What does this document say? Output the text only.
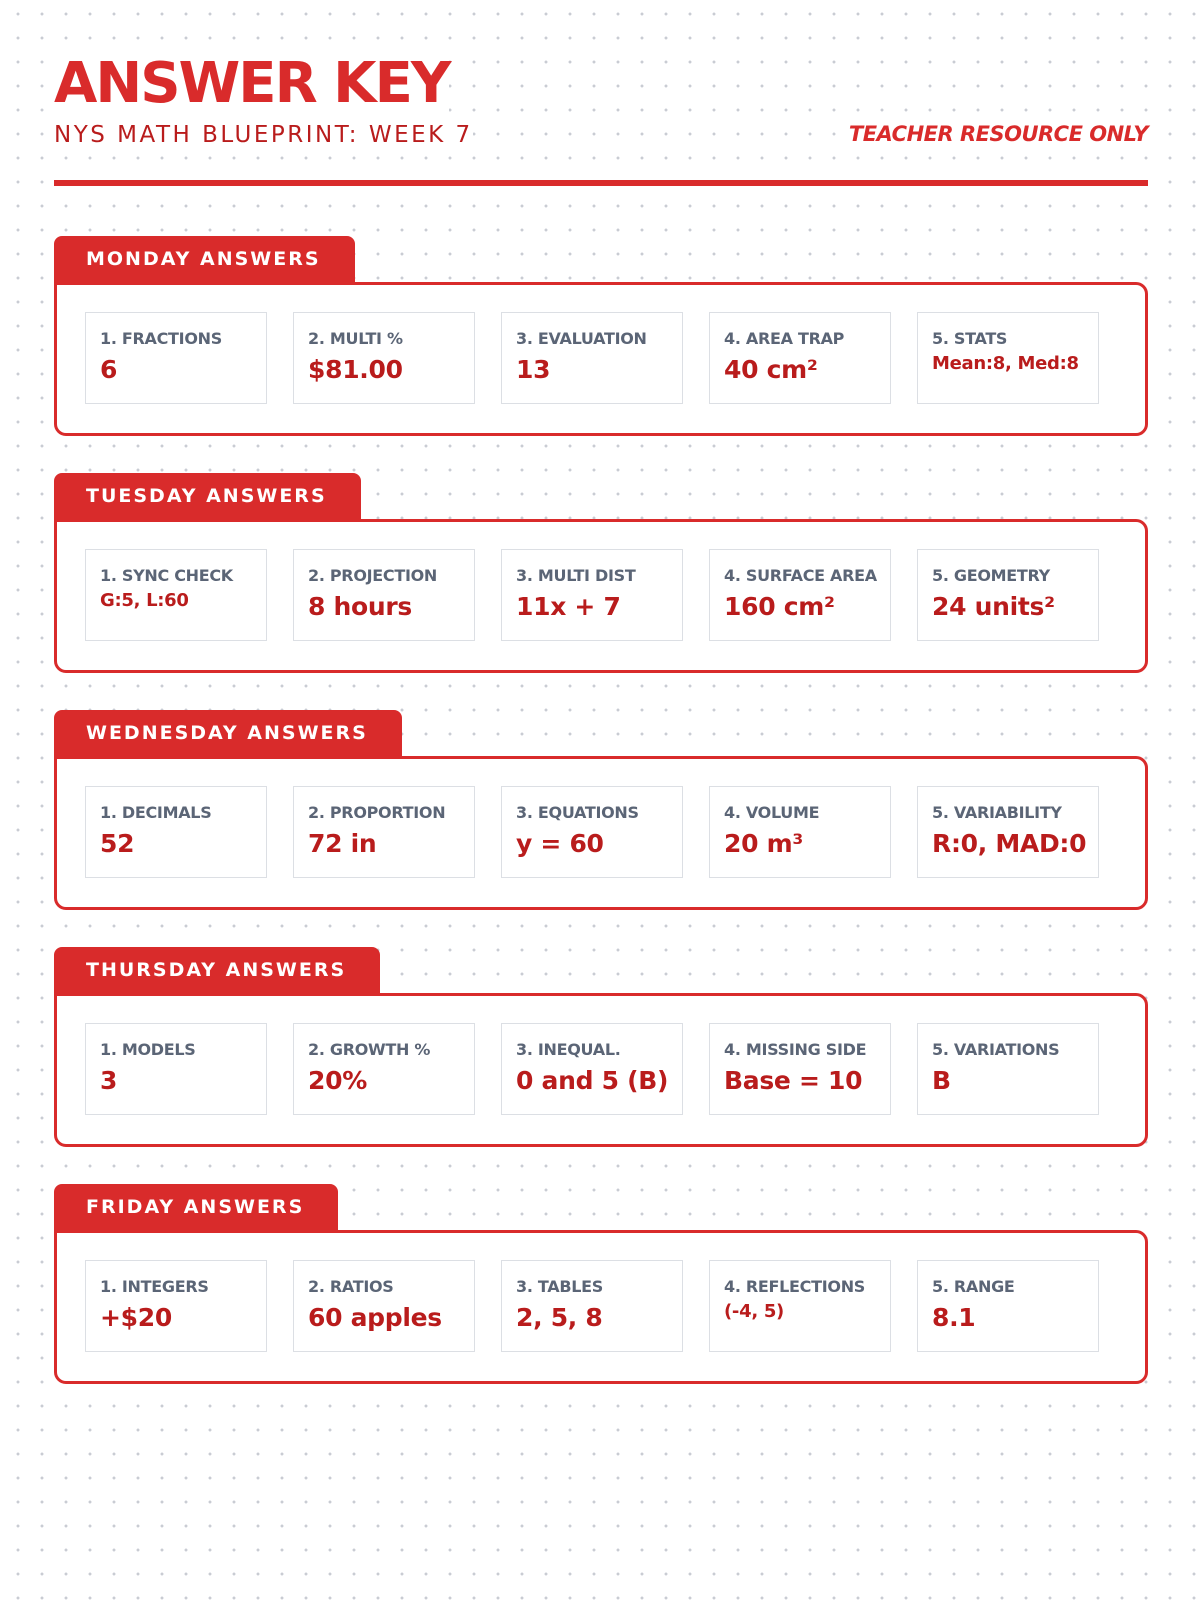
ANSWER KEY
NYS MATH BLUEPRINT: WEEK 7	TEACHER RESOURCE ONLY
MONDAY ANSWERS
1. FRACTIONS
6
2. MULTI %
$81.00
3. EVALUATION
13
4. AREA TRAP
40 cm²
5. STATS
Mean:8, Med:8
TUESDAY ANSWERS
1. SYNC CHECK
G:5, L:60
2. PROJECTION
8 hours
3. MULTI DIST
11x + 7
4. SURFACE AREA
160 cm²
5. GEOMETRY
24 units²
WEDNESDAY ANSWERS
1. DECIMALS
52
2. PROPORTION
72 in
3. EQUATIONS
y = 60
4. VOLUME
20 m³
5. VARIABILITY
R:0, MAD:0
THURSDAY ANSWERS
1. MODELS
3
2. GROWTH %
20%
3. INEQUAL.
0 and 5 (B)
4. MISSING SIDE
Base = 10
5. VARIATIONS
B
FRIDAY ANSWERS
1. INTEGERS
+$20
2. RATIOS
60 apples
3. TABLES
2, 5, 8
4. REFLECTIONS
(-4, 5)
5. RANGE
8.1
